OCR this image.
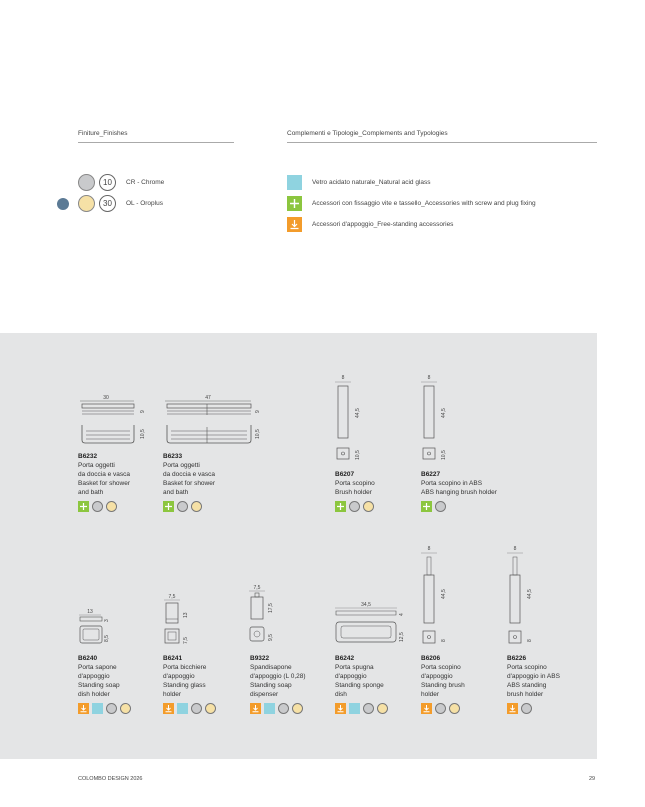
Finiture_Finishes	Complementi e Tipologie_Complements and Typologies
10	CR - Chrome
30	OL - Oroplus
Vetro acidato naturale_Natural acid glass
Accessori con fissaggio vite e tassello_Accessories with screw and plug fixing
Accessori d'appoggio_Free-standing accessories
30
9
10,5
47
9
10,5
8
44,5
10,5
8
44,5
10,5
B6232
Porta oggetti
da doccia e vasca
Basket for shower
and bath
B6233
Porta oggetti
da doccia e vasca
Basket for shower
and bath
B6207
Porta scopino
Brush holder
B6227
Porta scopino in ABS
ABS hanging brush holder
13
3
8,5
7,5
13
7,5
7,5
17,5
9,5
34,5
4
12,5
8
44,5
8
8
44,5
8
B6240
Porta sapone
d'appoggio
Standing soap
dish holder
B6241
Porta bicchiere
d'appoggio
Standing glass
holder
B9322
Spandisapone
d'appoggio (L 0,28)
Standing soap
dispenser
B6242
Porta spugna
d'appoggio
Standing sponge
dish
B6206
Porta scopino
d'appoggio
Standing brush
holder
B6226
Porta scopino
d'appoggio in ABS
ABS standing
brush holder
COLOMBO DESIGN 2026	29
